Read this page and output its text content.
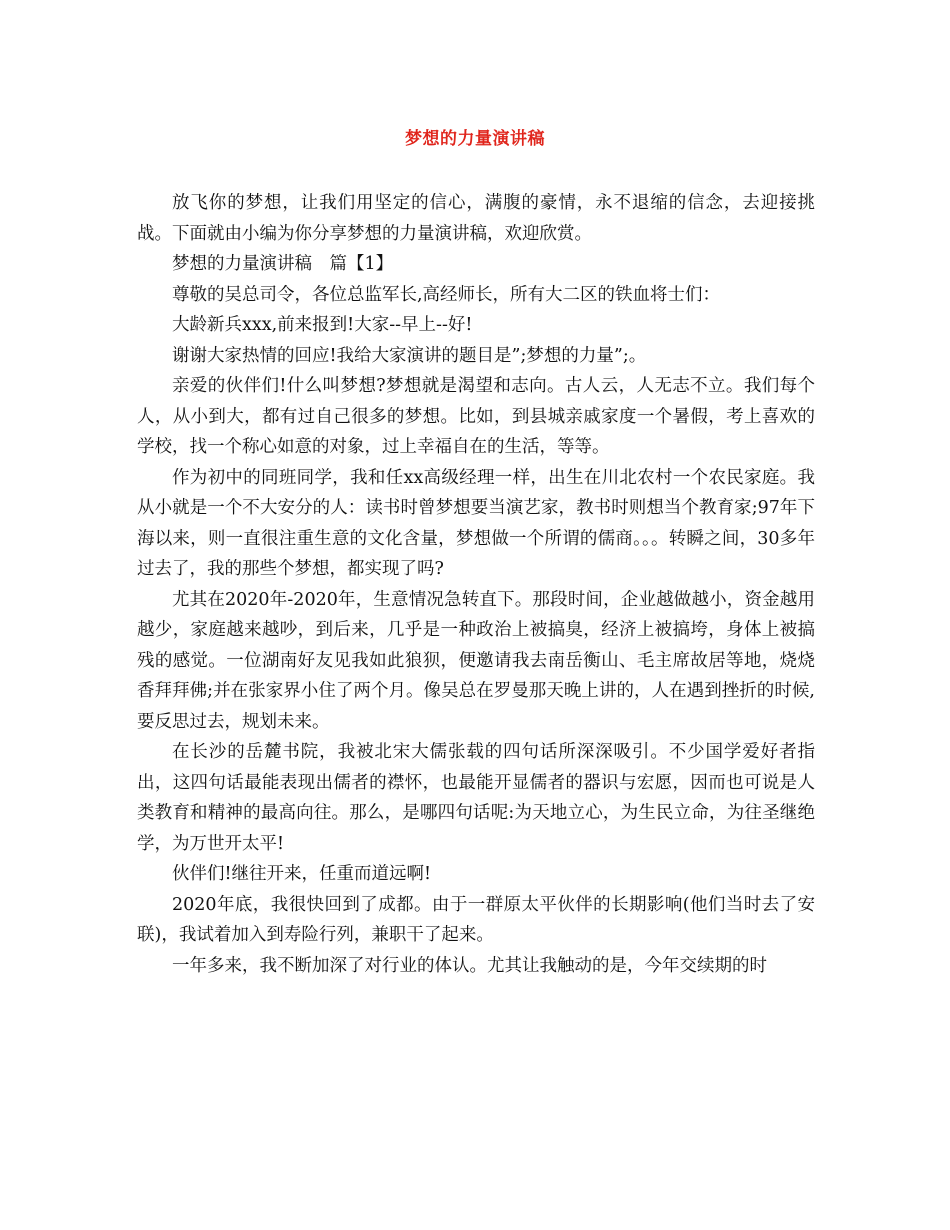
梦想的力量演讲稿

放飞你的梦想，让我们用坚定的信心，满腹的豪情，永不退缩的信念，去迎接挑战。下面就由小编为你分享梦想的力量演讲稿，欢迎欣赏。

梦想的力量演讲稿　篇【1】

尊敬的吴总司令，各位总监军长,高经师长，所有大二区的铁血将士们：

大龄新兵xxx,前来报到!大家--早上--好!

谢谢大家热情的回应!我给大家演讲的题目是”;梦想的力量”;。

亲爱的伙伴们!什么叫梦想?梦想就是渴望和志向。古人云，人无志不立。我们每个人，从小到大，都有过自己很多的梦想。比如，到县城亲戚家度一个暑假，考上喜欢的学校，找一个称心如意的对象，过上幸福自在的生活，等等。

作为初中的同班同学，我和任xx高级经理一样，出生在川北农村一个农民家庭。我从小就是一个不大安分的人：读书时曾梦想要当演艺家，教书时则想当个教育家;97年下海以来，则一直很注重生意的文化含量，梦想做一个所谓的儒商。。。转瞬之间，30多年过去了，我的那些个梦想，都实现了吗?

尤其在2020年-2020年，生意情况急转直下。那段时间，企业越做越小，资金越用越少，家庭越来越吵，到后来，几乎是一种政治上被搞臭，经济上被搞垮，身体上被搞残的感觉。一位湖南好友见我如此狼狈，便邀请我去南岳衡山、毛主席故居等地，烧烧香拜拜佛;并在张家界小住了两个月。像吴总在罗曼那天晚上讲的，人在遇到挫折的时候,要反思过去，规划未来。

在长沙的岳麓书院，我被北宋大儒张载的四句话所深深吸引。不少国学爱好者指出，这四句话最能表现出儒者的襟怀，也最能开显儒者的器识与宏愿，因而也可说是人类教育和精神的最高向往。那么，是哪四句话呢:为天地立心，为生民立命，为往圣继绝学，为万世开太平!

伙伴们!继往开来，任重而道远啊!

2020年底，我很快回到了成都。由于一群原太平伙伴的长期影响(他们当时去了安联)，我试着加入到寿险行列，兼职干了起来。

一年多来，我不断加深了对行业的体认。尤其让我触动的是，今年交续期的时
